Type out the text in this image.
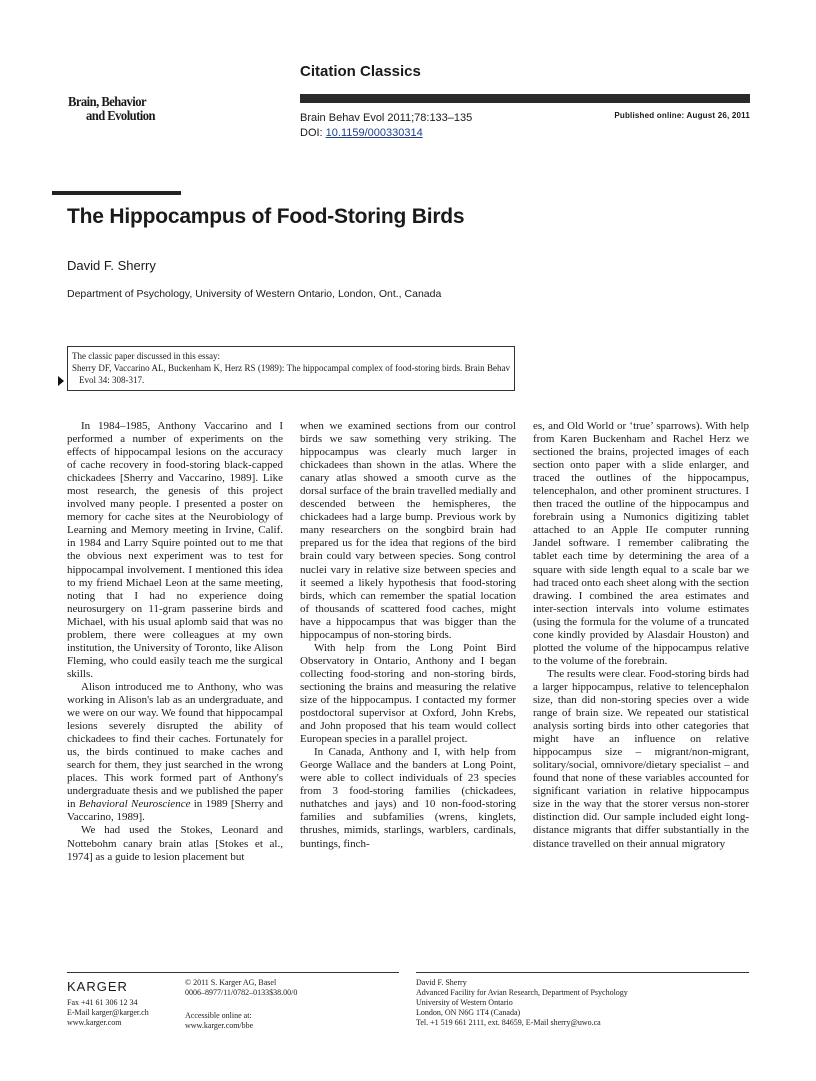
Citation Classics
Brain, Behavior
and Evolution	Brain Behav Evol 2011;78:133–135
DOI: 10.1159/000330314
Published online: August 26, 2011
The Hippocampus of Food-Storing Birds
David F. Sherry
Department of Psychology, University of Western Ontario, London, Ont., Canada
The classic paper discussed in this essay:
Sherry DF, Vaccarino AL, Buckenham K, Herz RS (1989): The hippocampal complex of food-storing birds. Brain Behav Evol 34: 308-317.

In 1984–1985, Anthony Vaccarino and I performed a number of experiments on the effects of hippocampal lesions on the accuracy of cache recovery in food-storing black-capped chickadees [Sherry and Vaccarino, 1989]. Like most research, the genesis of this project involved many people. I presented a poster on memory for cache sites at the Neurobiology of Learning and Memory meeting in Irvine, Calif. in 1984 and Larry Squire pointed out to me that the obvious next experiment was to test for hippocampal involvement. I mentioned this idea to my friend Michael Leon at the same meeting, noting that I had no experience doing neurosurgery on 11-gram passerine birds and Michael, with his usual aplomb said that was no problem, there were colleagues at my own institution, the University of Toronto, like Alison Fleming, who could easily teach me the surgical skills.

Alison introduced me to Anthony, who was working in Alison's lab as an undergraduate, and we were on our way. We found that hippocampal lesions severely disrupted the ability of chickadees to find their caches. Fortunately for us, the birds continued to make caches and search for them, they just searched in the wrong places. This work formed part of Anthony's undergraduate thesis and we published the paper in Behavioral Neuroscience in 1989 [Sherry and Vaccarino, 1989].

We had used the Stokes, Leonard and Nottebohm canary brain atlas [Stokes et al., 1974] as a guide to lesion placement but

when we examined sections from our control birds we saw something very striking. The hippocampus was clearly much larger in chickadees than shown in the atlas. Where the canary atlas showed a smooth curve as the dorsal surface of the brain travelled medially and descended between the hemispheres, the chickadees had a large bump. Previous work by many researchers on the songbird brain had prepared us for the idea that regions of the bird brain could vary between species. Song control nuclei vary in relative size between species and it seemed a likely hypothesis that food-storing birds, which can remember the spatial location of thousands of scattered food caches, might have a hippocampus that was bigger than the hippocampus of non-storing birds.

With help from the Long Point Bird Observatory in Ontario, Anthony and I began collecting food-storing and non-storing birds, sectioning the brains and measuring the relative size of the hippocampus. I contacted my former postdoctoral supervisor at Oxford, John Krebs, and John proposed that his team would collect European species in a parallel project.

In Canada, Anthony and I, with help from George Wallace and the banders at Long Point, were able to collect individuals of 23 species from 3 food-storing families (chickadees, nuthatches and jays) and 10 non-food-storing families and subfamilies (wrens, kinglets, thrushes, mimids, starlings, warblers, cardinals, buntings, finch-

es, and Old World or ‘true’ sparrows). With help from Karen Buckenham and Rachel Herz we sectioned the brains, projected images of each section onto paper with a slide enlarger, and traced the outlines of the hippocampus, telencephalon, and other prominent structures. I then traced the outline of the hippocampus and forebrain using a Numonics digitizing tablet attached to an Apple IIe computer running Jandel software. I remember calibrating the tablet each time by determining the area of a square with side length equal to a scale bar we had traced onto each sheet along with the section drawing. I combined the area estimates and inter-section intervals into volume estimates (using the formula for the volume of a truncated cone kindly provided by Alasdair Houston) and plotted the volume of the hippocampus relative to the volume of the forebrain.

The results were clear. Food-storing birds had a larger hippocampus, relative to telencephalon size, than did non-storing species over a wide range of brain size. We repeated our statistical analysis sorting birds into other categories that might have an influence on relative hippocampus size – migrant/non-migrant, solitary/social, omnivore/dietary specialist – and found that none of these variables accounted for significant variation in relative hippocampus size in the way that the storer versus non-storer distinction did. Our sample included eight long-distance migrants that differ substantially in the distance travelled on their annual migratory

KARGER
Fax +41 61 306 12 34
E-Mail karger@karger.ch
www.karger.com
© 2011 S. Karger AG, Basel
0006–8977/11/0782–0133$38.00/0
Accessible online at:
www.karger.com/bbe
David F. Sherry
Advanced Facility for Avian Research, Department of Psychology
University of Western Ontario
London, ON N6G 1T4 (Canada)
Tel. +1 519 661 2111, ext. 84659, E-Mail sherry@uwo.ca
